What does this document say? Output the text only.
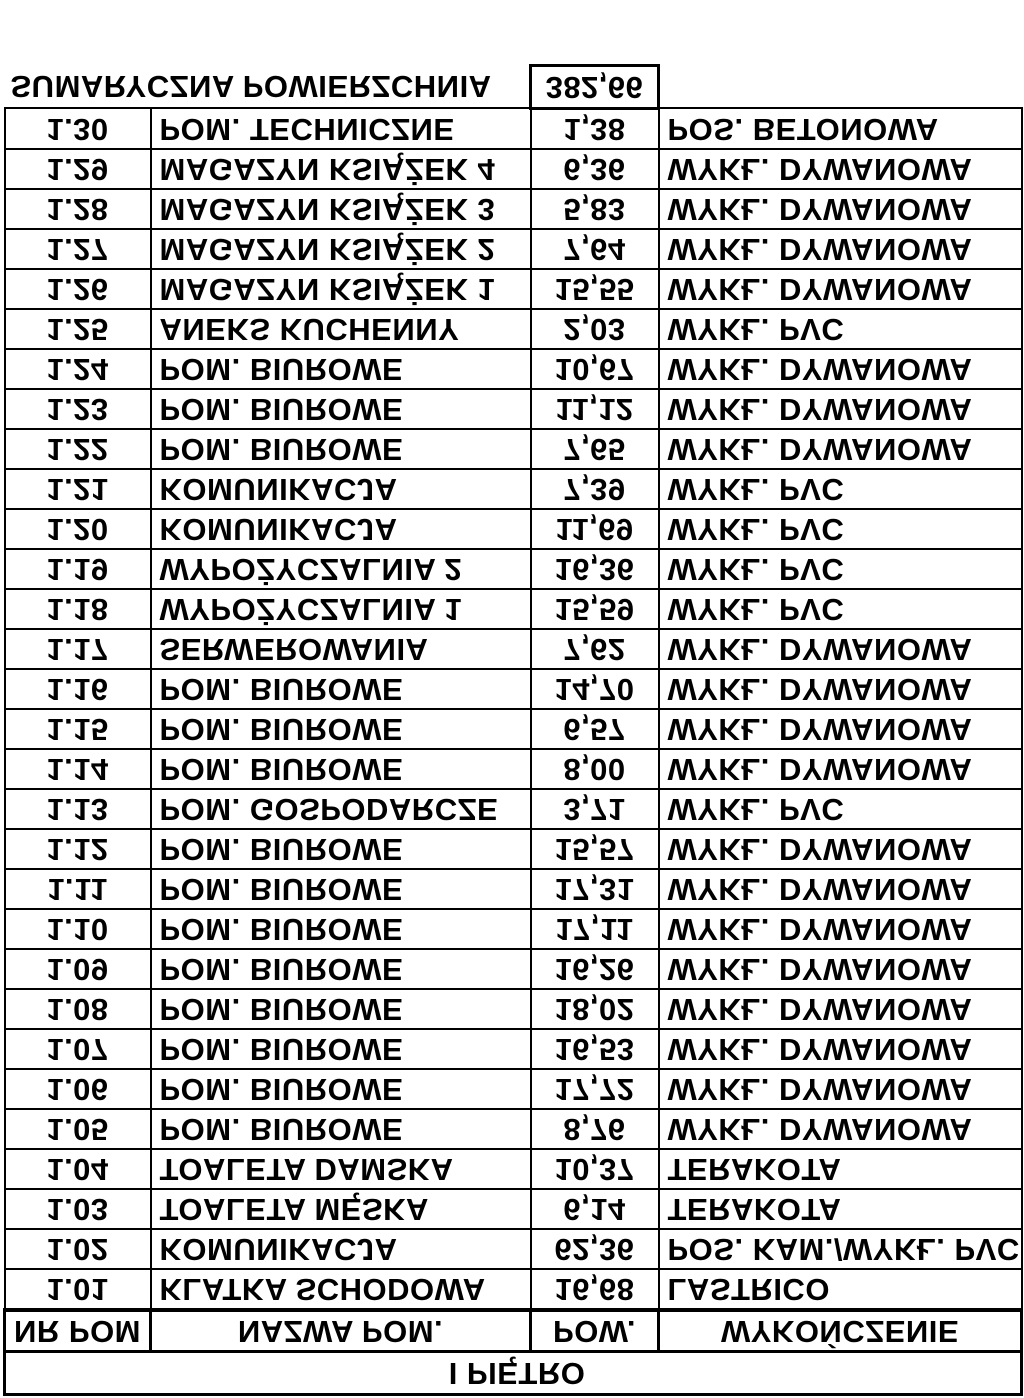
I PIĘTRO			
NR POM	NAZWA POM.	POW.	WYKOŃCZENIE
1.01	KLATKA SCHODOWA	16,68	LASTRICO
1.02	KOMUNIKACJA	62,36	POS. KAM./WYKŁ. PVC
1.03	TOALETA MĘSKA	6,14	TERAKOTA
1.04	TOALETA DAMSKA	10,37	TERAKOTA
1.05	POM. BIUROWE	8,76	WYKŁ. DYWANOWA
1.06	POM. BIUROWE	17,72	WYKŁ. DYWANOWA
1.07	POM. BIUROWE	16,53	WYKŁ. DYWANOWA
1.08	POM. BIUROWE	18,02	WYKŁ. DYWANOWA
1.09	POM. BIUROWE	16,26	WYKŁ. DYWANOWA
1.10	POM. BIUROWE	17,11	WYKŁ. DYWANOWA
1.11	POM. BIUROWE	17,31	WYKŁ. DYWANOWA
1.12	POM. BIUROWE	15,57	WYKŁ. DYWANOWA
1.13	POM. GOSPODARCZE	3,71	WYKŁ. PVC
1.14	POM. BIUROWE	8,00	WYKŁ. DYWANOWA
1.15	POM. BIUROWE	6,57	WYKŁ. DYWANOWA
1.16	POM. BIUROWE	14,70	WYKŁ. DYWANOWA
1.17	SERWEROWANIA	7,62	WYKŁ. DYWANOWA
1.18	WYPOŻYCZALNIA 1	15,59	WYKŁ. PVC
1.19	WYPOŻYCZALNIA 2	16,36	WYKŁ. PVC
1.20	KOMUNIKACJA	11,69	WYKŁ. PVC
1.21	KOMUNIKACJA	7,39	WYKŁ. PVC
1.22	POM. BIUROWE	7,65	WYKŁ. DYWANOWA
1.23	POM. BIUROWE	11,12	WYKŁ. DYWANOWA
1.24	POM. BIUROWE	10,67	WYKŁ. DYWANOWA
1.25	ANEKS KUCHENNY	2,03	WYKŁ. PVC
1.26	MAGAZYN KSIĄŻEK 1	15,55	WYKŁ. DYWANOWA
1.27	MAGAZYN KSIĄŻEK 2	7,64	WYKŁ. DYWANOWA
1.28	MAGAZYN KSIĄŻEK 3	5,83	WYKŁ. DYWANOWA
1.29	MAGAZYN KSIĄŻEK 4	6,36	WYKŁ. DYWANOWA
1.30	POM. TECHNICZNE	1,38	POS. BETONOWA
SUMARYCZNA POWIERZCHNIA		382,66	
